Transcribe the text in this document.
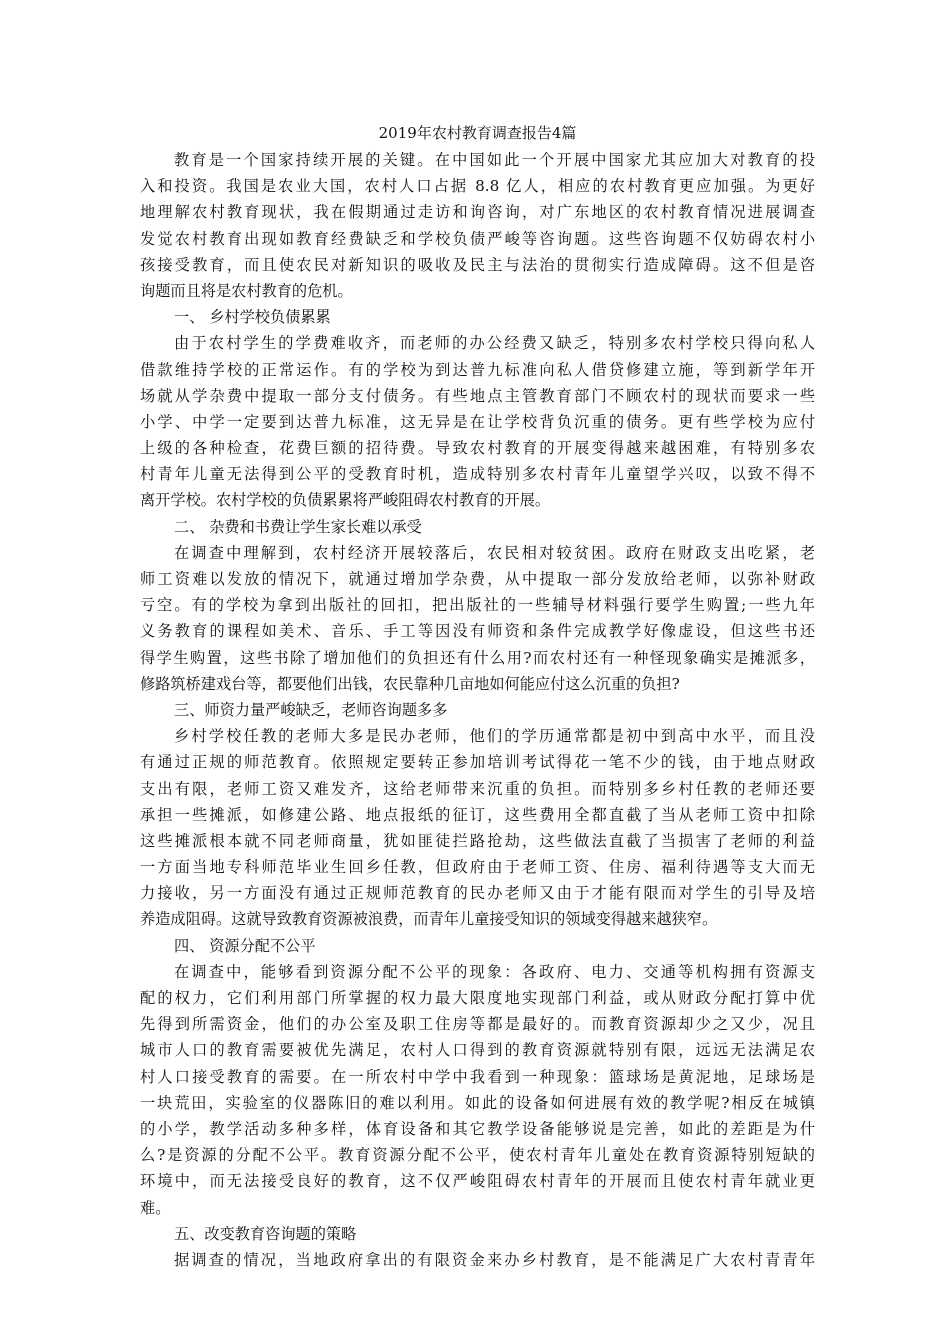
2019年农村教育调查报告4篇
教育是一个国家持续开展的关键。在中国如此一个开展中国家尤其应加大对教育的投
入和投资。我国是农业大国，农村人口占据 8.8 亿人，相应的农村教育更应加强。为更好
地理解农村教育现状，我在假期通过走访和询咨询，对广东地区的农村教育情况进展调查
发觉农村教育出现如教育经费缺乏和学校负债严峻等咨询题。这些咨询题不仅妨碍农村小
孩接受教育，而且使农民对新知识的吸收及民主与法治的贯彻实行造成障碍。这不但是咨
询题而且将是农村教育的危机。
一、 乡村学校负债累累
由于农村学生的学费难收齐，而老师的办公经费又缺乏，特别多农村学校只得向私人
借款维持学校的正常运作。有的学校为到达普九标准向私人借贷修建立施，等到新学年开
场就从学杂费中提取一部分支付债务。有些地点主管教育部门不顾农村的现状而要求一些
小学、中学一定要到达普九标准，这无异是在让学校背负沉重的债务。更有些学校为应付
上级的各种检查，花费巨额的招待费。导致农村教育的开展变得越来越困难，有特别多农
村青年儿童无法得到公平的受教育时机，造成特别多农村青年儿童望学兴叹，以致不得不
离开学校。农村学校的负债累累将严峻阻碍农村教育的开展。
二、 杂费和书费让学生家长难以承受
在调查中理解到，农村经济开展较落后，农民相对较贫困。政府在财政支出吃紧，老
师工资难以发放的情况下，就通过增加学杂费，从中提取一部分发放给老师，以弥补财政
亏空。有的学校为拿到出版社的回扣，把出版社的一些辅导材料强行要学生购置;一些九年
义务教育的课程如美术、音乐、手工等因没有师资和条件完成教学好像虚设，但这些书还
得学生购置，这些书除了增加他们的负担还有什么用?而农村还有一种怪现象确实是摊派多，
修路筑桥建戏台等，都要他们出钱，农民靠种几亩地如何能应付这么沉重的负担?
三、师资力量严峻缺乏，老师咨询题多多
乡村学校任教的老师大多是民办老师，他们的学历通常都是初中到高中水平，而且没
有通过正规的师范教育。依照规定要转正参加培训考试得花一笔不少的钱，由于地点财政
支出有限，老师工资又难发齐，这给老师带来沉重的负担。而特别多乡村任教的老师还要
承担一些摊派，如修建公路、地点报纸的征订，这些费用全都直截了当从老师工资中扣除
这些摊派根本就不同老师商量，犹如匪徒拦路抢劫，这些做法直截了当损害了老师的利益
一方面当地专科师范毕业生回乡任教，但政府由于老师工资、住房、福利待遇等支大而无
力接收，另一方面没有通过正规师范教育的民办老师又由于才能有限而对学生的引导及培
养造成阻碍。这就导致教育资源被浪费，而青年儿童接受知识的领域变得越来越狭窄。
四、 资源分配不公平
在调查中，能够看到资源分配不公平的现象：各政府、电力、交通等机构拥有资源支
配的权力，它们利用部门所掌握的权力最大限度地实现部门利益，或从财政分配打算中优
先得到所需资金，他们的办公室及职工住房等都是最好的。而教育资源却少之又少，况且
城市人口的教育需要被优先满足，农村人口得到的教育资源就特别有限，远远无法满足农
村人口接受教育的需要。在一所农村中学中我看到一种现象：篮球场是黄泥地，足球场是
一块荒田，实验室的仪器陈旧的难以利用。如此的设备如何进展有效的教学呢?相反在城镇
的小学，教学活动多种多样，体育设备和其它教学设备能够说是完善，如此的差距是为什
么?是资源的分配不公平。教育资源分配不公平，使农村青年儿童处在教育资源特别短缺的
环境中，而无法接受良好的教育，这不仅严峻阻碍农村青年的开展而且使农村青年就业更
难。
五、改变教育咨询题的策略
据调查的情况，当地政府拿出的有限资金来办乡村教育，是不能满足广大农村青青年
